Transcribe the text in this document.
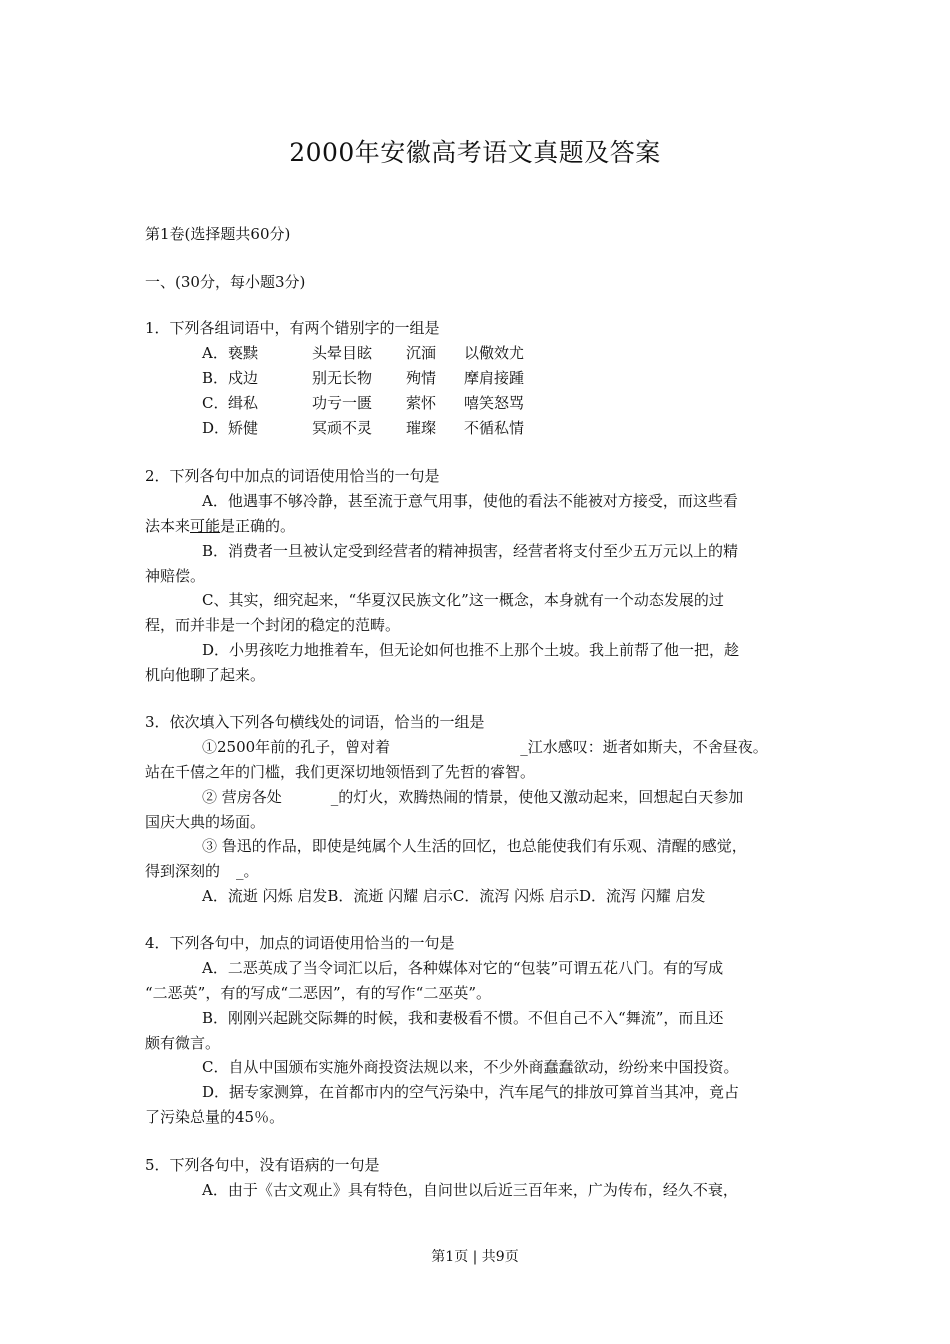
2000年安徽高考语文真题及答案
第1卷(选择题共60分)
一、(30分，每小题3分)
1．下列各组词语中，有两个错别字的一组是
A．亵黩	头晕目眩 沉湎 以儆效尤
B．戍边	别无长物 殉情 摩肩接踵
C．缉私	功亏一匮 萦怀 嘻笑怒骂
D．矫健	冥顽不灵 璀璨 不循私情
2．下列各句中加点的词语使用恰当的一句是
A．他遇事不够冷静，甚至流于意气用事，使他的看法不能被对方接受，而这些看
法本来可能是正确的。
B．消费者一旦被认定受到经营者的精神损害，经营者将支付至少五万元以上的精
神赔偿。
C、其实，细究起来，“华夏汉民族文化”这一概念，本身就有一个动态发展的过
程，而并非是一个封闭的稳定的范畴。
D．小男孩吃力地推着车，但无论如何也推不上那个土坡。我上前帮了他一把，趁
机向他聊了起来。
3．依次填入下列各句横线处的词语，恰当的一组是
①2500年前的孔子，曾对着	_江水感叹：逝者如斯夫，不舍昼夜。
站在千僖之年的门槛，我们更深切地领悟到了先哲的睿智。
② 营房各处	_的灯火，欢腾热闹的情景，使他又激动起来，回想起白天参加
国庆大典的场面。
③ 鲁迅的作品，即使是纯属个人生活的回忆，也总能使我们有乐观、清醒的感觉，
得到深刻的 _。
A．流逝 闪烁 启发B．流逝 闪耀 启示C．流泻 闪烁 启示D．流泻 闪耀 启发
4．下列各句中，加点的词语使用恰当的一句是
A．二恶英成了当令词汇以后，各种媒体对它的“包装”可谓五花八门。有的写成
“二恶英”，有的写成“二恶因”，有的写作“二巫英”。
B．刚刚兴起跳交际舞的时候，我和妻极看不惯。不但自己不入“舞流”，而且还
颇有微言。
C．自从中国颁布实施外商投资法规以来，不少外商蠢蠢欲动，纷纷来中国投资。
D．据专家测算，在首都市内的空气污染中，汽车尾气的排放可算首当其冲，竟占
了污染总量的45％。
5．下列各句中，没有语病的一句是
A．由于《古文观止》具有特色，自问世以后近三百年来，广为传布，经久不衰，
第1页 | 共9页
